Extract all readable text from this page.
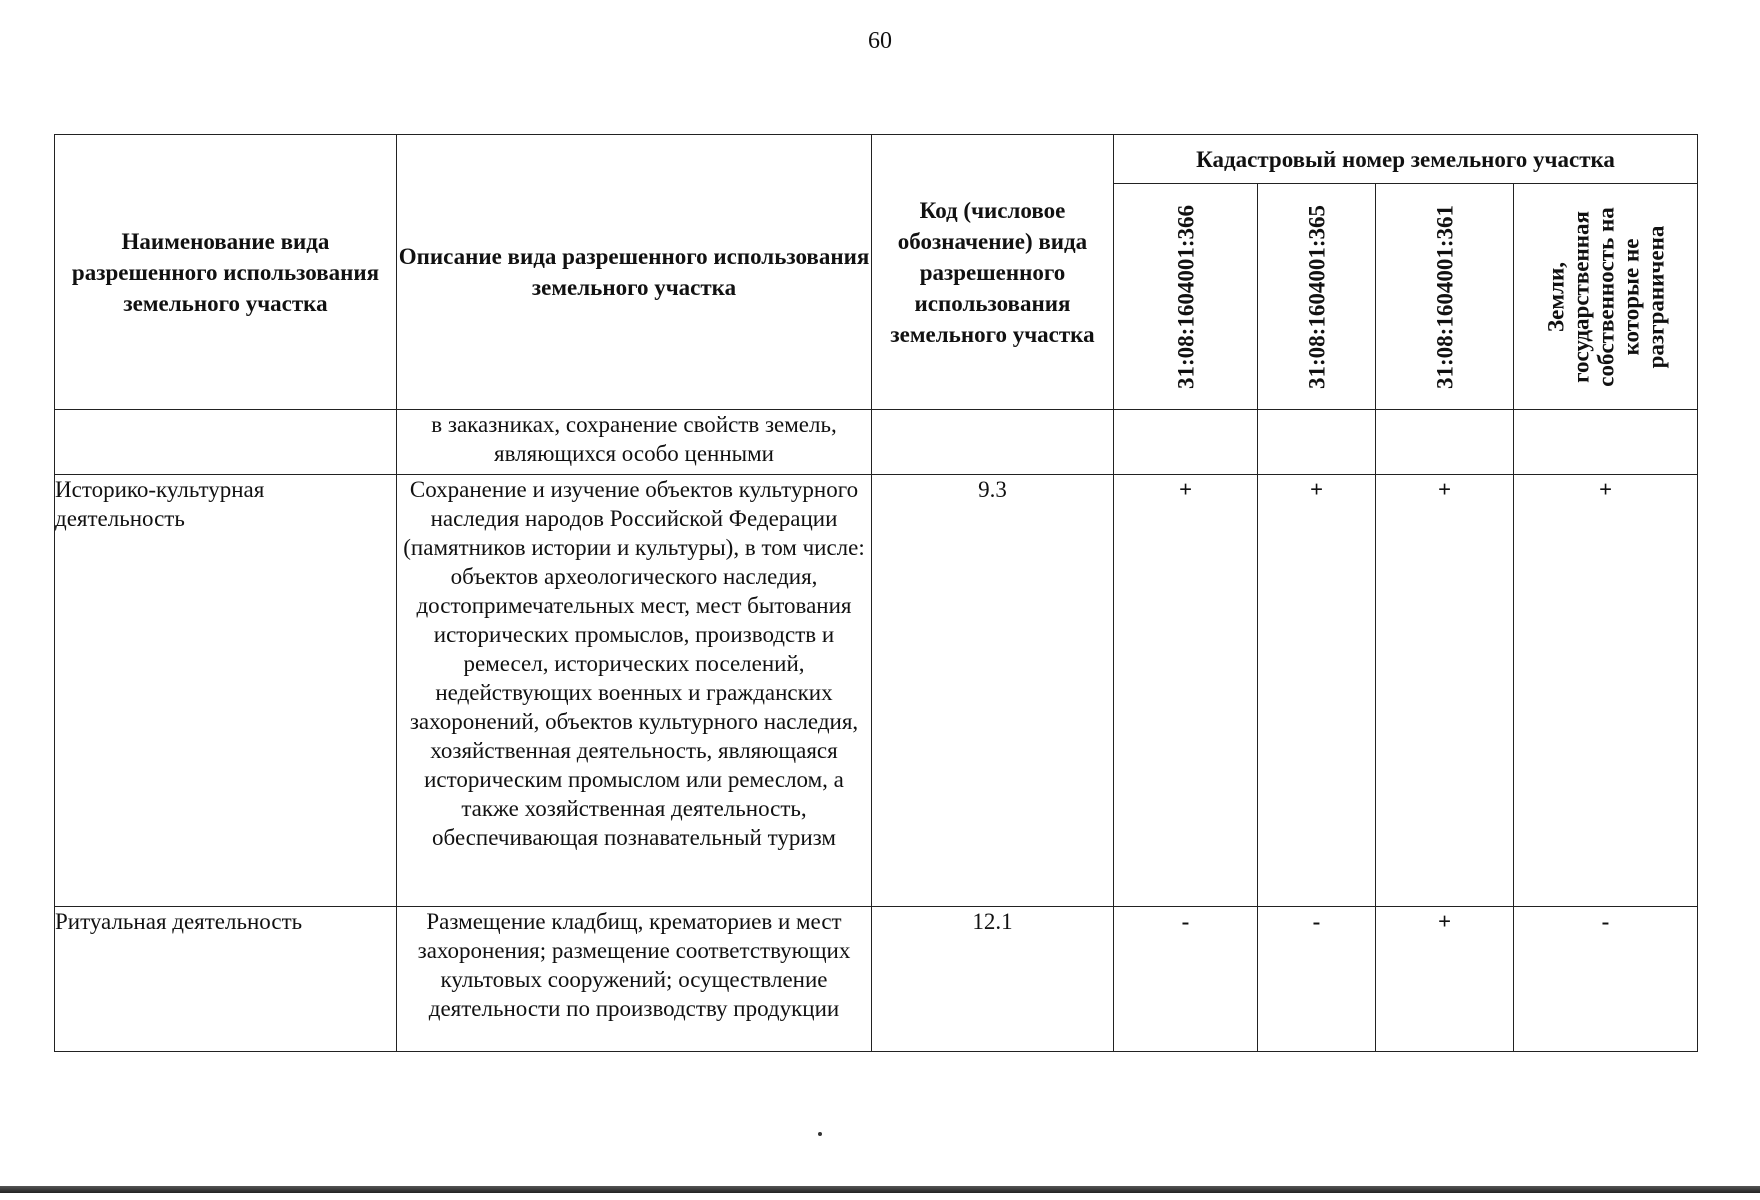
60
Наименование вида разрешенного использования земельного участка	Описание вида разрешенного использования земельного участка	Код (числовое обозначение) вида разрешенного использования земельного участка	Кадастровый номер земельного участка			

			31:08:1604001:366	31:08:1604001:365	31:08:1604001:361	Земли, государственная собственность на которые не разграничена

	в заказниках, сохранение свойств земель, являющихся особо ценными					
Историко-культурная деятельность	Сохранение и изучение объектов культурного наследия народов Российской Федерации (памятников истории и культуры), в том числе: объектов археологического наследия, достопримечательных мест, мест бытования исторических промыслов, производств и ремесел, исторических поселений, недействующих военных и гражданских захоронений, объектов культурного наследия, хозяйственная деятельность, являющаяся историческим промыслом или ремеслом, а также хозяйственная деятельность, обеспечивающая познавательный туризм	9.3	+	+	+	+
Ритуальная деятельность	Размещение кладбищ, крематориев и мест захоронения; размещение соответствующих культовых сооружений; осуществление деятельности по производству продукции	12.1	-	-	+	-
